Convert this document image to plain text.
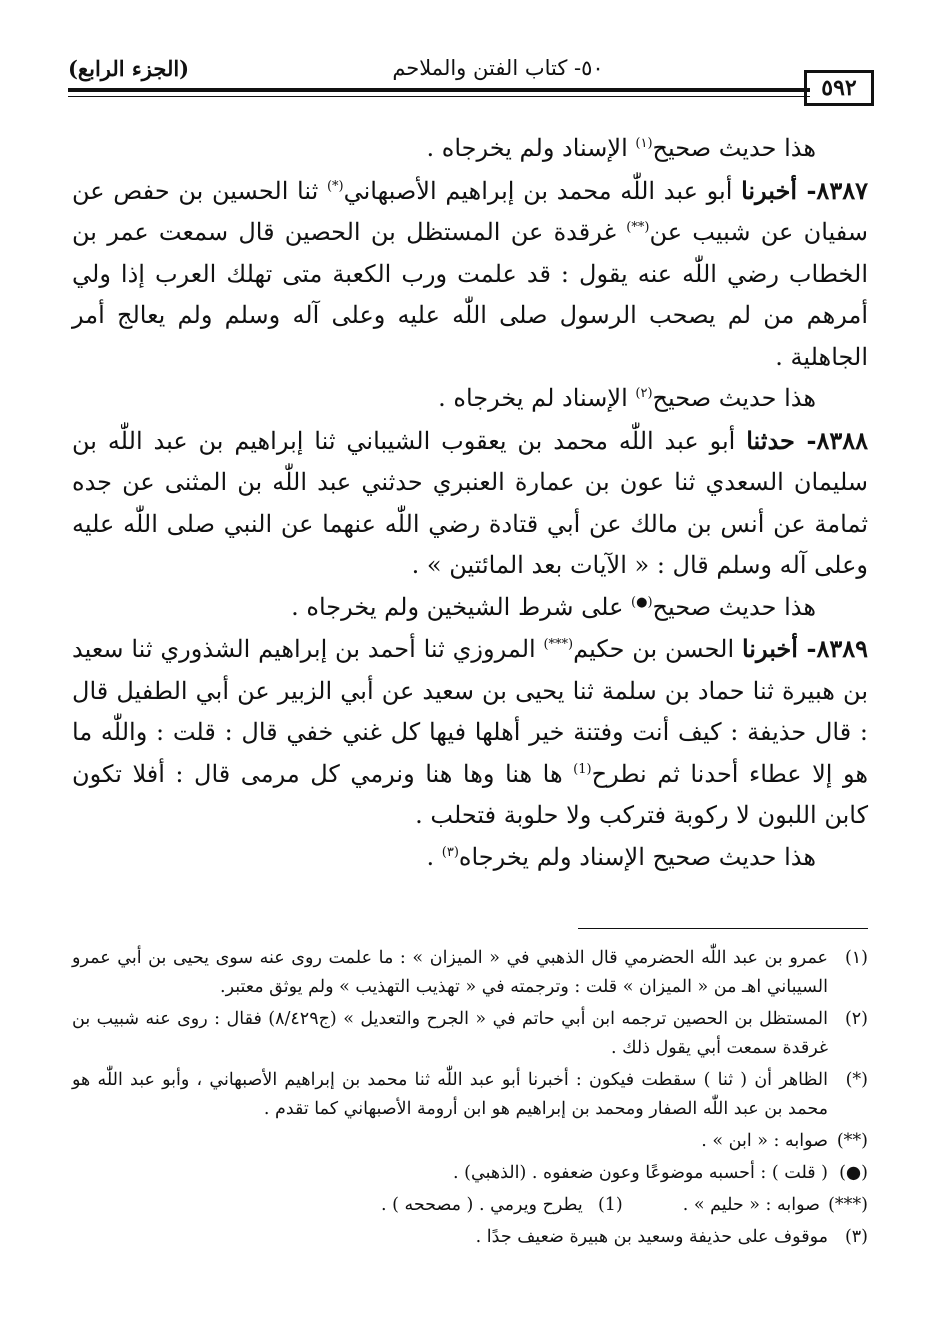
٥٩٢
٥٠- كتاب الفتن والملاحم
(الجزء الرابع)

هذا حديث صحيح$^{(١)}$ الإسناد ولم يخرجاه .

٨٣٨٧- أخبرنا أبو عبد اللّٰه محمد بن إبراهيم الأصبهاني(*) ثنا الحسين بن حفص عن سفيان عن شبيب عن(**) غرقدة عن المستظل بن الحصين قال سمعت عمر بن الخطاب رضي اللّٰه عنه يقول : قد علمت ورب الكعبة متى تهلك العرب إذا ولي أمرهم من لم يصحب الرسول صلى اللّٰه عليه وعلى آله وسلم ولم يعالج أمر الجاهلية .

هذا حديث صحيح$^{(٢)}$ الإسناد لم يخرجاه .

٨٣٨٨- حدثنا أبو عبد اللّٰه محمد بن يعقوب الشيباني ثنا إبراهيم بن عبد اللّٰه بن سليمان السعدي ثنا عون بن عمارة العنبري حدثني عبد اللّٰه بن المثنى عن جده ثمامة عن أنس بن مالك عن أبي قتادة رضي اللّٰه عنهما عن النبي صلى اللّٰه عليه وعلى آله وسلم قال : « الآيات بعد المائتين » .

هذا حديث صحيح(●) على شرط الشيخين ولم يخرجاه .

٨٣٨٩- أخبرنا الحسن بن حكيم(***) المروزي ثنا أحمد بن إبراهيم الشذوري ثنا سعيد بن هبيرة ثنا حماد بن سلمة ثنا يحيى بن سعيد عن أبي الزبير عن أبي الطفيل قال : قال حذيفة : كيف أنت وفتنة خير أهلها فيها كل غني خفي قال : قلت : واللّٰه ما هو إلا عطاء أحدنا ثم نطرح$^{(1)}$ ها هنا وها هنا ونرمي كل مرمى قال : أفلا تكون كابن اللبون لا ركوبة فتركب ولا حلوبة فتحلب .

هذا حديث صحيح الإسناد ولم يخرجاه$^{(٣)}$ .

(١)
عمرو بن عبد اللّٰه الحضرمي قال الذهبي في « الميزان » : ما علمت روى عنه سوى يحيى بن أبي عمرو السيباني اهـ من « الميزان » قلت : وترجمته في « تهذيب التهذيب » ولم يوثق معتبر.
(٢)
المستظل بن الحصين ترجمه ابن أبي حاتم في « الجرح والتعديل » (ج٨/٤٢٩) فقال : روى عنه شبيب بن غرقدة سمعت أبي يقول ذلك .
(*)
الظاهر أن ( ثنا ) سقطت فيكون : أخبرنا أبو عبد اللّٰه ثنا محمد بن إبراهيم الأصبهاني ، وأبو عبد اللّٰه هو محمد بن عبد اللّٰه الصفار ومحمد بن إبراهيم هو ابن أرومة الأصبهاني كما تقدم .
(**)
صوابه : « ابن » .
(●)
( قلت ) : أحسبه موضوعًا وعون ضعفوه . (الذهبي) .
(***)
صوابه : « حليم » .
(1)
يطرح ويرمي . ( مصححه ) .
(٣)
موقوف على حذيفة وسعيد بن هبيرة ضعيف جدًا .
